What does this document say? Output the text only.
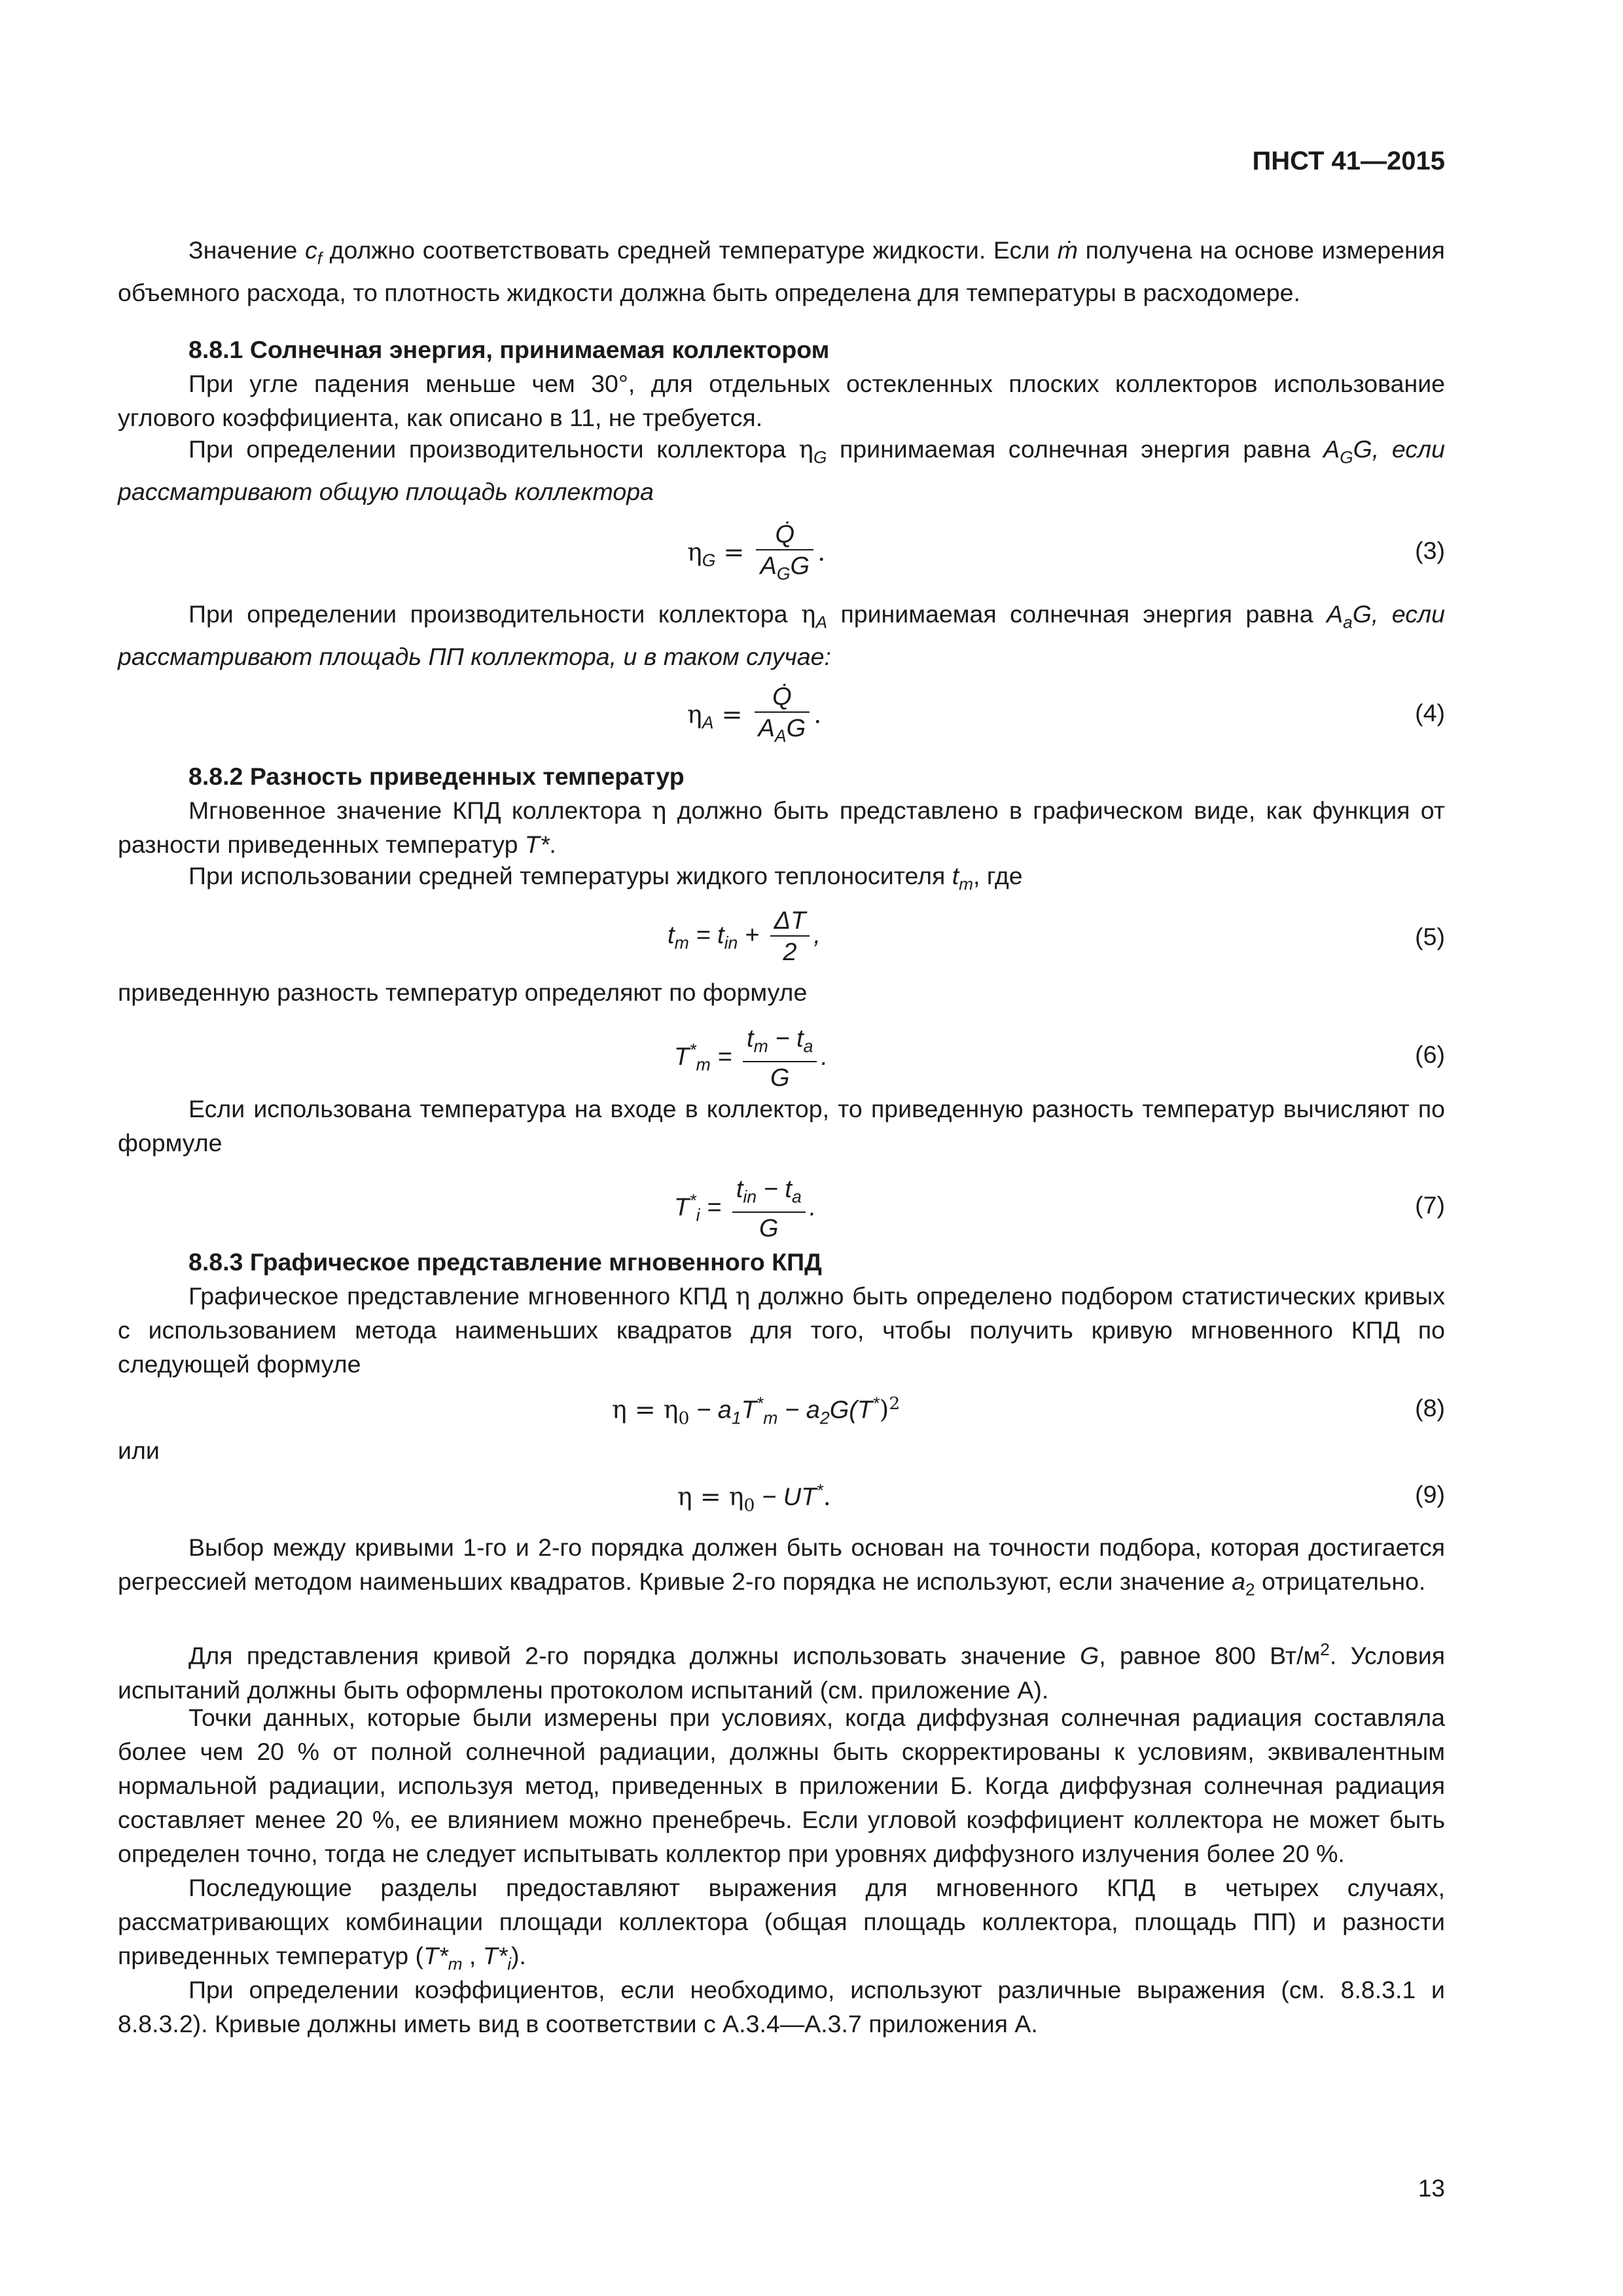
ПНСТ 41—2015
Значение $c_f$ должно соответствовать средней температуре жидкости. Если ṁ получена на основе измерения объемного расхода, то плотность жидкости должна быть определена для температуры в расходомере.
8.8.1 Солнечная энергия, принимаемая коллектором
При угле падения меньше чем 30°, для отдельных остекленных плоских коллекторов использование углового коэффициента, как описано в 11, не требуется.
При определении производительности коллектора $\eta_G$ принимаемая солнечная энергия равна $A_GG$, если рассматривают общую площадь коллектора
$\eta_G = \frac{Q̇}{A_GG}$ .	(3)
При определении производительности коллектора $\eta_A$ принимаемая солнечная энергия равна $A_aG$, если рассматривают площадь ПП коллектора, и в таком случае:
$\eta_A = \frac{Q̇}{A_AG}$ .	(4)
8.8.2 Разность приведенных температур
Мгновенное значение КПД коллектора η должно быть представлено в графическом виде, как функция от разности приведенных температур T*.
При использовании средней температуры жидкого теплоносителя $t_m$, где
$t_m = t_{in} + \frac{\Delta T}{2}$ ,	(5)
приведенную разность температур определяют по формуле
$T^*_m = \frac{t_m - t_a}{G}$ .	(6)
Если использована температура на входе в коллектор, то приведенную разность температур вычисляют по формуле
$T^*_i = \frac{t_{in} - t_a}{G}$ .	(7)
8.8.3 Графическое представление мгновенного КПД
Графическое представление мгновенного КПД η должно быть определено подбором статистических кривых с использованием метода наименьших квадратов для того, чтобы получить кривую мгновенного КПД по следующей формуле
$\eta = \eta_0 - a_1T^*_m - a_2G(T^*)^2$	(8)
или
$\eta = \eta_0 - UT^*$.	(9)
Выбор между кривыми 1-го и 2-го порядка должен быть основан на точности подбора, которая достигается регрессией методом наименьших квадратов. Кривые 2-го порядка не используют, если значение $a_2$ отрицательно.
Для представления кривой 2-го порядка должны использовать значение G, равное 800 $Вт/м^2$. Условия испытаний должны быть оформлены протоколом испытаний (см. приложение А).
Точки данных, которые были измерены при условиях, когда диффузная солнечная радиация составляла более чем 20 % от полной солнечной радиации, должны быть скорректированы к условиям, эквивалентным нормальной радиации, используя метод, приведенных в приложении Б. Когда диффузная солнечная радиация составляет менее 20 %, ее влиянием можно пренебречь. Если угловой коэффициент коллектора не может быть определен точно, тогда не следует испытывать коллектор при уровнях диффузного излучения более 20 %.
Последующие разделы предоставляют выражения для мгновенного КПД в четырех случаях, рассматривающих комбинации площади коллектора (общая площадь коллектора, площадь ПП) и разности приведенных температур ($T*_m$ , $T*_i$).
При определении коэффициентов, если необходимо, используют различные выражения (см. 8.8.3.1 и 8.8.3.2). Кривые должны иметь вид в соответствии с А.3.4—А.3.7 приложения А.
13
